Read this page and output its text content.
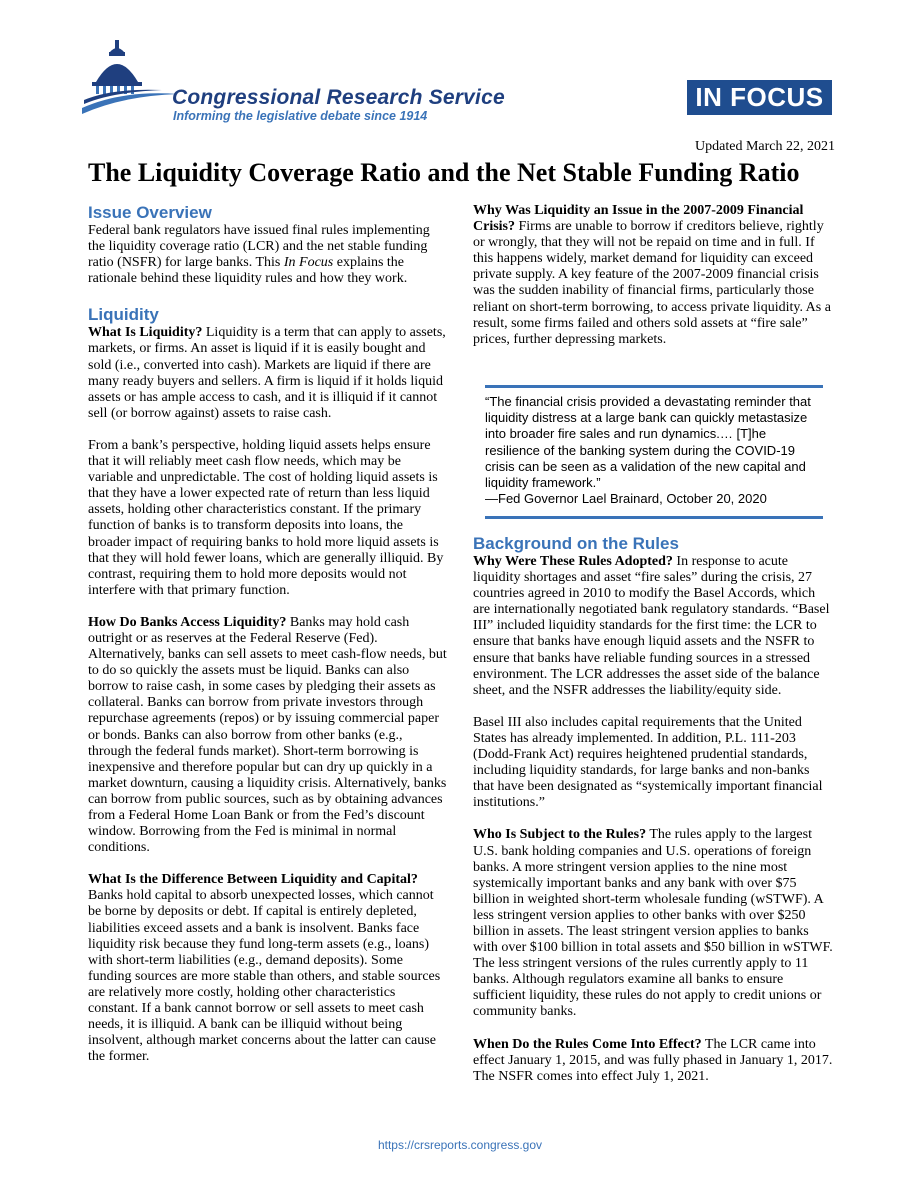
Congressional Research Service
Informing the legislative debate since 1914
IN FOCUS
Updated March 22, 2021
The Liquidity Coverage Ratio and the Net Stable Funding Ratio
Issue Overview

Federal bank regulators have issued final rules implementing the liquidity coverage ratio (LCR) and the net stable funding ratio (NSFR) for large banks. This In Focus explains the rationale behind these liquidity rules and how they work.

Liquidity

What Is Liquidity? Liquidity is a term that can apply to assets, markets, or firms. An asset is liquid if it is easily bought and sold (i.e., converted into cash). Markets are liquid if there are many ready buyers and sellers. A firm is liquid if it holds liquid assets or has ample access to cash, and it is illiquid if it cannot sell (or borrow against) assets to raise cash.

From a bank’s perspective, holding liquid assets helps ensure that it will reliably meet cash flow needs, which may be variable and unpredictable. The cost of holding liquid assets is that they have a lower expected rate of return than less liquid assets, holding other characteristics constant. If the primary function of banks is to transform deposits into loans, the broader impact of requiring banks to hold more liquid assets is that they will hold fewer loans, which are generally illiquid. By contrast, requiring them to hold more deposits would not interfere with that primary function.

How Do Banks Access Liquidity? Banks may hold cash outright or as reserves at the Federal Reserve (Fed). Alternatively, banks can sell assets to meet cash-flow needs, but to do so quickly the assets must be liquid. Banks can also borrow to raise cash, in some cases by pledging their assets as collateral. Banks can borrow from private investors through repurchase agreements (repos) or by issuing commercial paper or bonds. Banks can also borrow from other banks (e.g., through the federal funds market). Short-term borrowing is inexpensive and therefore popular but can dry up quickly in a market downturn, causing a liquidity crisis. Alternatively, banks can borrow from public sources, such as by obtaining advances from a Federal Home Loan Bank or from the Fed’s discount window. Borrowing from the Fed is minimal in normal conditions.

What Is the Difference Between Liquidity and Capital? Banks hold capital to absorb unexpected losses, which cannot be borne by deposits or debt. If capital is entirely depleted, liabilities exceed assets and a bank is insolvent. Banks face liquidity risk because they fund long-term assets (e.g., loans) with short-term liabilities (e.g., demand deposits). Some funding sources are more stable than others, and stable sources are relatively more costly, holding other characteristics constant. If a bank cannot borrow or sell assets to meet cash needs, it is illiquid. A bank can be illiquid without being insolvent, although market concerns about the latter can cause the former.

Why Was Liquidity an Issue in the 2007-2009 Financial Crisis? Firms are unable to borrow if creditors believe, rightly or wrongly, that they will not be repaid on time and in full. If this happens widely, market demand for liquidity can exceed private supply. A key feature of the 2007-2009 financial crisis was the sudden inability of financial firms, particularly those reliant on short-term borrowing, to access private liquidity. As a result, some firms failed and others sold assets at “fire sale” prices, further depressing markets.

“The financial crisis provided a devastating reminder that liquidity distress at a large bank can quickly metastasize into broader fire sales and run dynamics.… [T]he resilience of the banking system during the COVID-19 crisis can be seen as a validation of the new capital and liquidity framework.”
—Fed Governor Lael Brainard, October 20, 2020
Background on the Rules

Why Were These Rules Adopted? In response to acute liquidity shortages and asset “fire sales” during the crisis, 27 countries agreed in 2010 to modify the Basel Accords, which are internationally negotiated bank regulatory standards. “Basel III” included liquidity standards for the first time: the LCR to ensure that banks have enough liquid assets and the NSFR to ensure that banks have reliable funding sources in a stressed environment. The LCR addresses the asset side of the balance sheet, and the NSFR addresses the liability/equity side.

Basel III also includes capital requirements that the United States has already implemented. In addition, P.L. 111-203 (Dodd-Frank Act) requires heightened prudential standards, including liquidity standards, for large banks and non-banks that have been designated as “systemically important financial institutions.”

Who Is Subject to the Rules? The rules apply to the largest U.S. bank holding companies and U.S. operations of foreign banks. A more stringent version applies to the nine most systemically important banks and any bank with over $75 billion in weighted short-term wholesale funding (wSTWF). A less stringent version applies to other banks with over $250 billion in assets. The least stringent version applies to banks with over $100 billion in total assets and $50 billion in wSTWF. The less stringent versions of the rules currently apply to 11 banks. Although regulators examine all banks to ensure sufficient liquidity, these rules do not apply to credit unions or community banks.

When Do the Rules Come Into Effect? The LCR came into effect January 1, 2015, and was fully phased in January 1, 2017. The NSFR comes into effect July 1, 2021.

https://crsreports.congress.gov
